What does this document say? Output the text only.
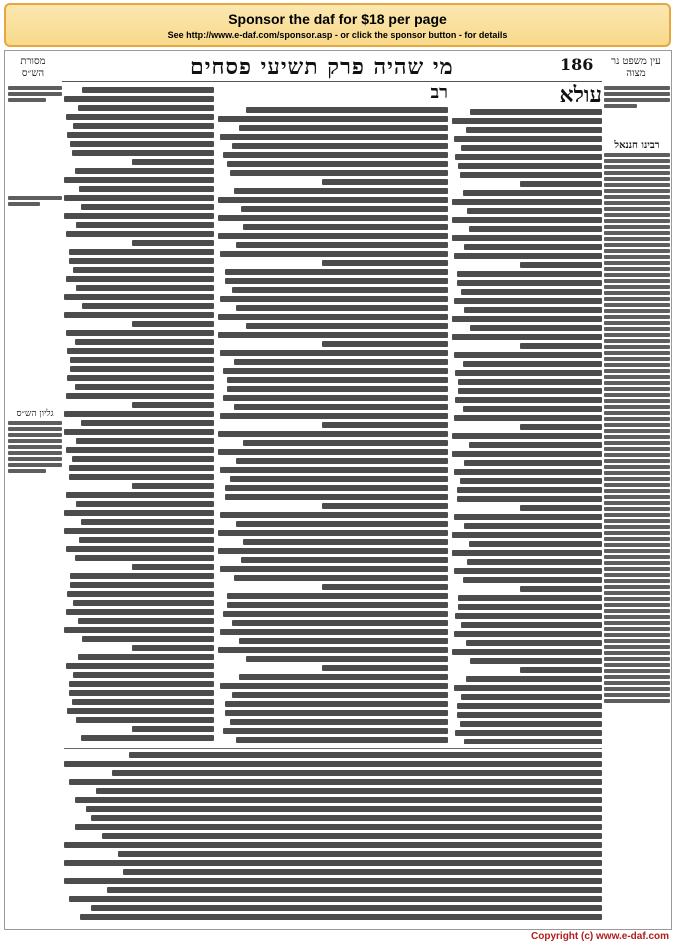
Sponsor the daf for $18 per page
See http://www.e-daf.com/sponsor.asp - or click the sponsor button - for details
מסורת הש״ס	מי שהיה פרק תשיעי פסחים	186	עין משפט נר מצוה
גליון הש״ס
רבינו חננאל
עולא
רב
Copyright (c) www.e-daf.com
